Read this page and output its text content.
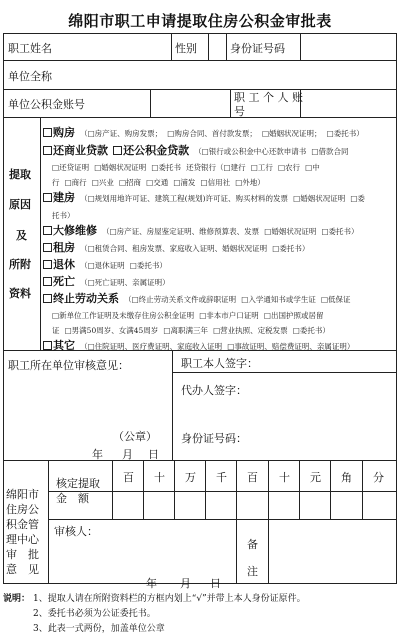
绵阳市职工申请提取住房公积金审批表
职工姓名	性别	身份证号码
单位全称
单位公积金账号
职 工 个 人 账
号
提取
原因
及
所附
资料
购房 （□房产证、购房发票； □购房合同、首付款发票； □婚姻状况证明； □委托书）
还商业贷款 还公积金贷款 （□银行或公积金中心还款申请书 □借款合同
□还贷证明 □婚姻状况证明 □委托书 还贷银行（□建行 □工行 □农行 □中
行 □商行 □兴业 □招商 □交通 □浦发 □信用社 □外地）
建房 （□规划用地许可证、建筑工程(规划)许可证、购买材料的发票 □婚姻状况证明 □委
托书）
大修维修 （□房产证、房屋鉴定证明、维修预算表、发票 □婚姻状况证明 □委托书）
租房 （□租赁合同、租房发票、家庭收入证明、婚姻状况证明 □委托书）
退休 （□退休证明 □委托书）
死亡 （□死亡证明、亲属证明）
终止劳动关系 （□终止劳动关系文件或辞职证明 □入学通知书或学生证 □低保证
□新单位工作证明及未缴存住房公积金证明 □非本市户口证明 □出国护照或居留
证 □男满50周岁、女满45周岁 □离职满三年 □营业执照、定税发票 □委托书）
其它 （□住院证明、医疗费证明、家庭收入证明 □事故证明、赔偿费证明、亲属证明）
职工所在单位审核意见：
（公章）
年 月 日
职工本人签字：
代办人签字：
身份证号码：
绵阳市
住房公
积金管
理中心
审　批
意　见
核定提取
金　额
百 十 万 千 百 十 元 角 分
审核人：
年 月 日
备
注
说明： 1、提取人请在所附资料栏的方框内划上“√”并带上本人身份证原件。
2、委托书必须为公证委托书。
3、此表一式两份，加盖单位公章
